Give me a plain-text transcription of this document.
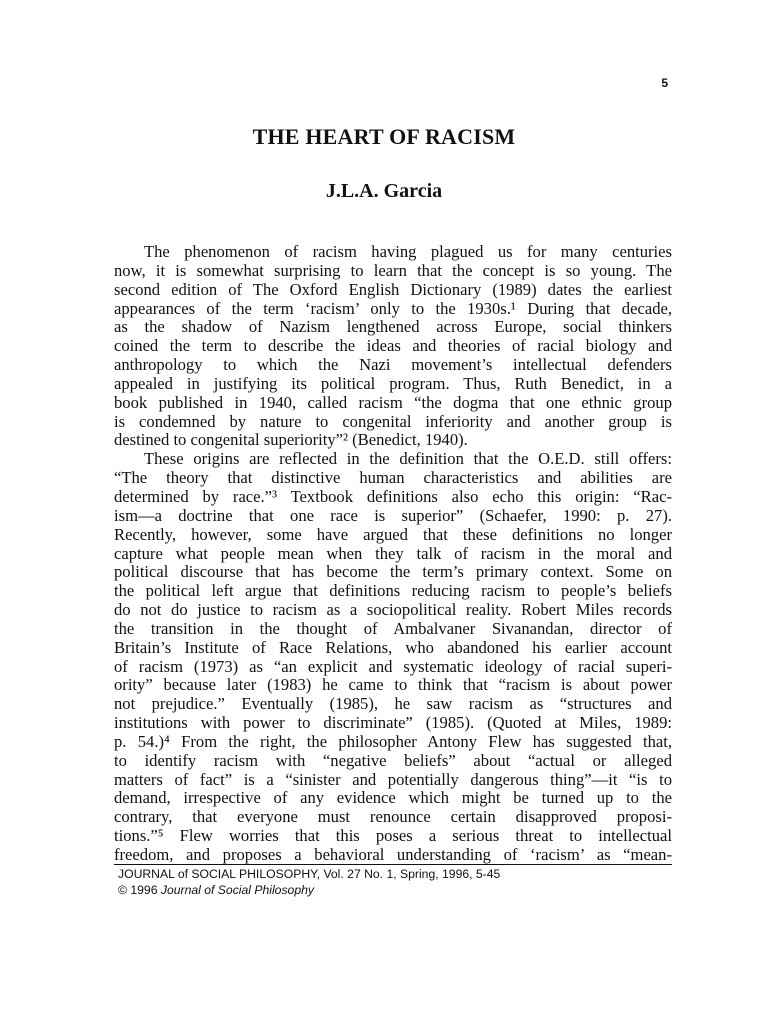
5
THE HEART OF RACISM
J.L.A. Garcia
The phenomenon of racism having plagued us for many centuries
now, it is somewhat surprising to learn that the concept is so young. The
second edition of The Oxford English Dictionary (1989) dates the earliest
appearances of the term ‘racism’ only to the 1930s.¹ During that decade,
as the shadow of Nazism lengthened across Europe, social thinkers
coined the term to describe the ideas and theories of racial biology and
anthropology to which the Nazi movement’s intellectual defenders
appealed in justifying its political program. Thus, Ruth Benedict, in a
book published in 1940, called racism “the dogma that one ethnic group
is condemned by nature to congenital inferiority and another group is
destined to congenital superiority”² (Benedict, 1940).
These origins are reflected in the definition that the O.E.D. still offers:
“The theory that distinctive human characteristics and abilities are
determined by race.”³ Textbook definitions also echo this origin: “Rac-
ism—a doctrine that one race is superior” (Schaefer, 1990: p. 27).
Recently, however, some have argued that these definitions no longer
capture what people mean when they talk of racism in the moral and
political discourse that has become the term’s primary context. Some on
the political left argue that definitions reducing racism to people’s beliefs
do not do justice to racism as a sociopolitical reality. Robert Miles records
the transition in the thought of Ambalvaner Sivanandan, director of
Britain’s Institute of Race Relations, who abandoned his earlier account
of racism (1973) as “an explicit and systematic ideology of racial superi-
ority” because later (1983) he came to think that “racism is about power
not prejudice.” Eventually (1985), he saw racism as “structures and
institutions with power to discriminate” (1985). (Quoted at Miles, 1989:
p. 54.)⁴ From the right, the philosopher Antony Flew has suggested that,
to identify racism with “negative beliefs” about “actual or alleged
matters of fact” is a “sinister and potentially dangerous thing”—it “is to
demand, irrespective of any evidence which might be turned up to the
contrary, that everyone must renounce certain disapproved proposi-
tions.”⁵ Flew worries that this poses a serious threat to intellectual
freedom, and proposes a behavioral understanding of ‘racism’ as “mean-
JOURNAL of SOCIAL PHILOSOPHY, Vol. 27 No. 1, Spring, 1996, 5-45
© 1996 Journal of Social Philosophy
